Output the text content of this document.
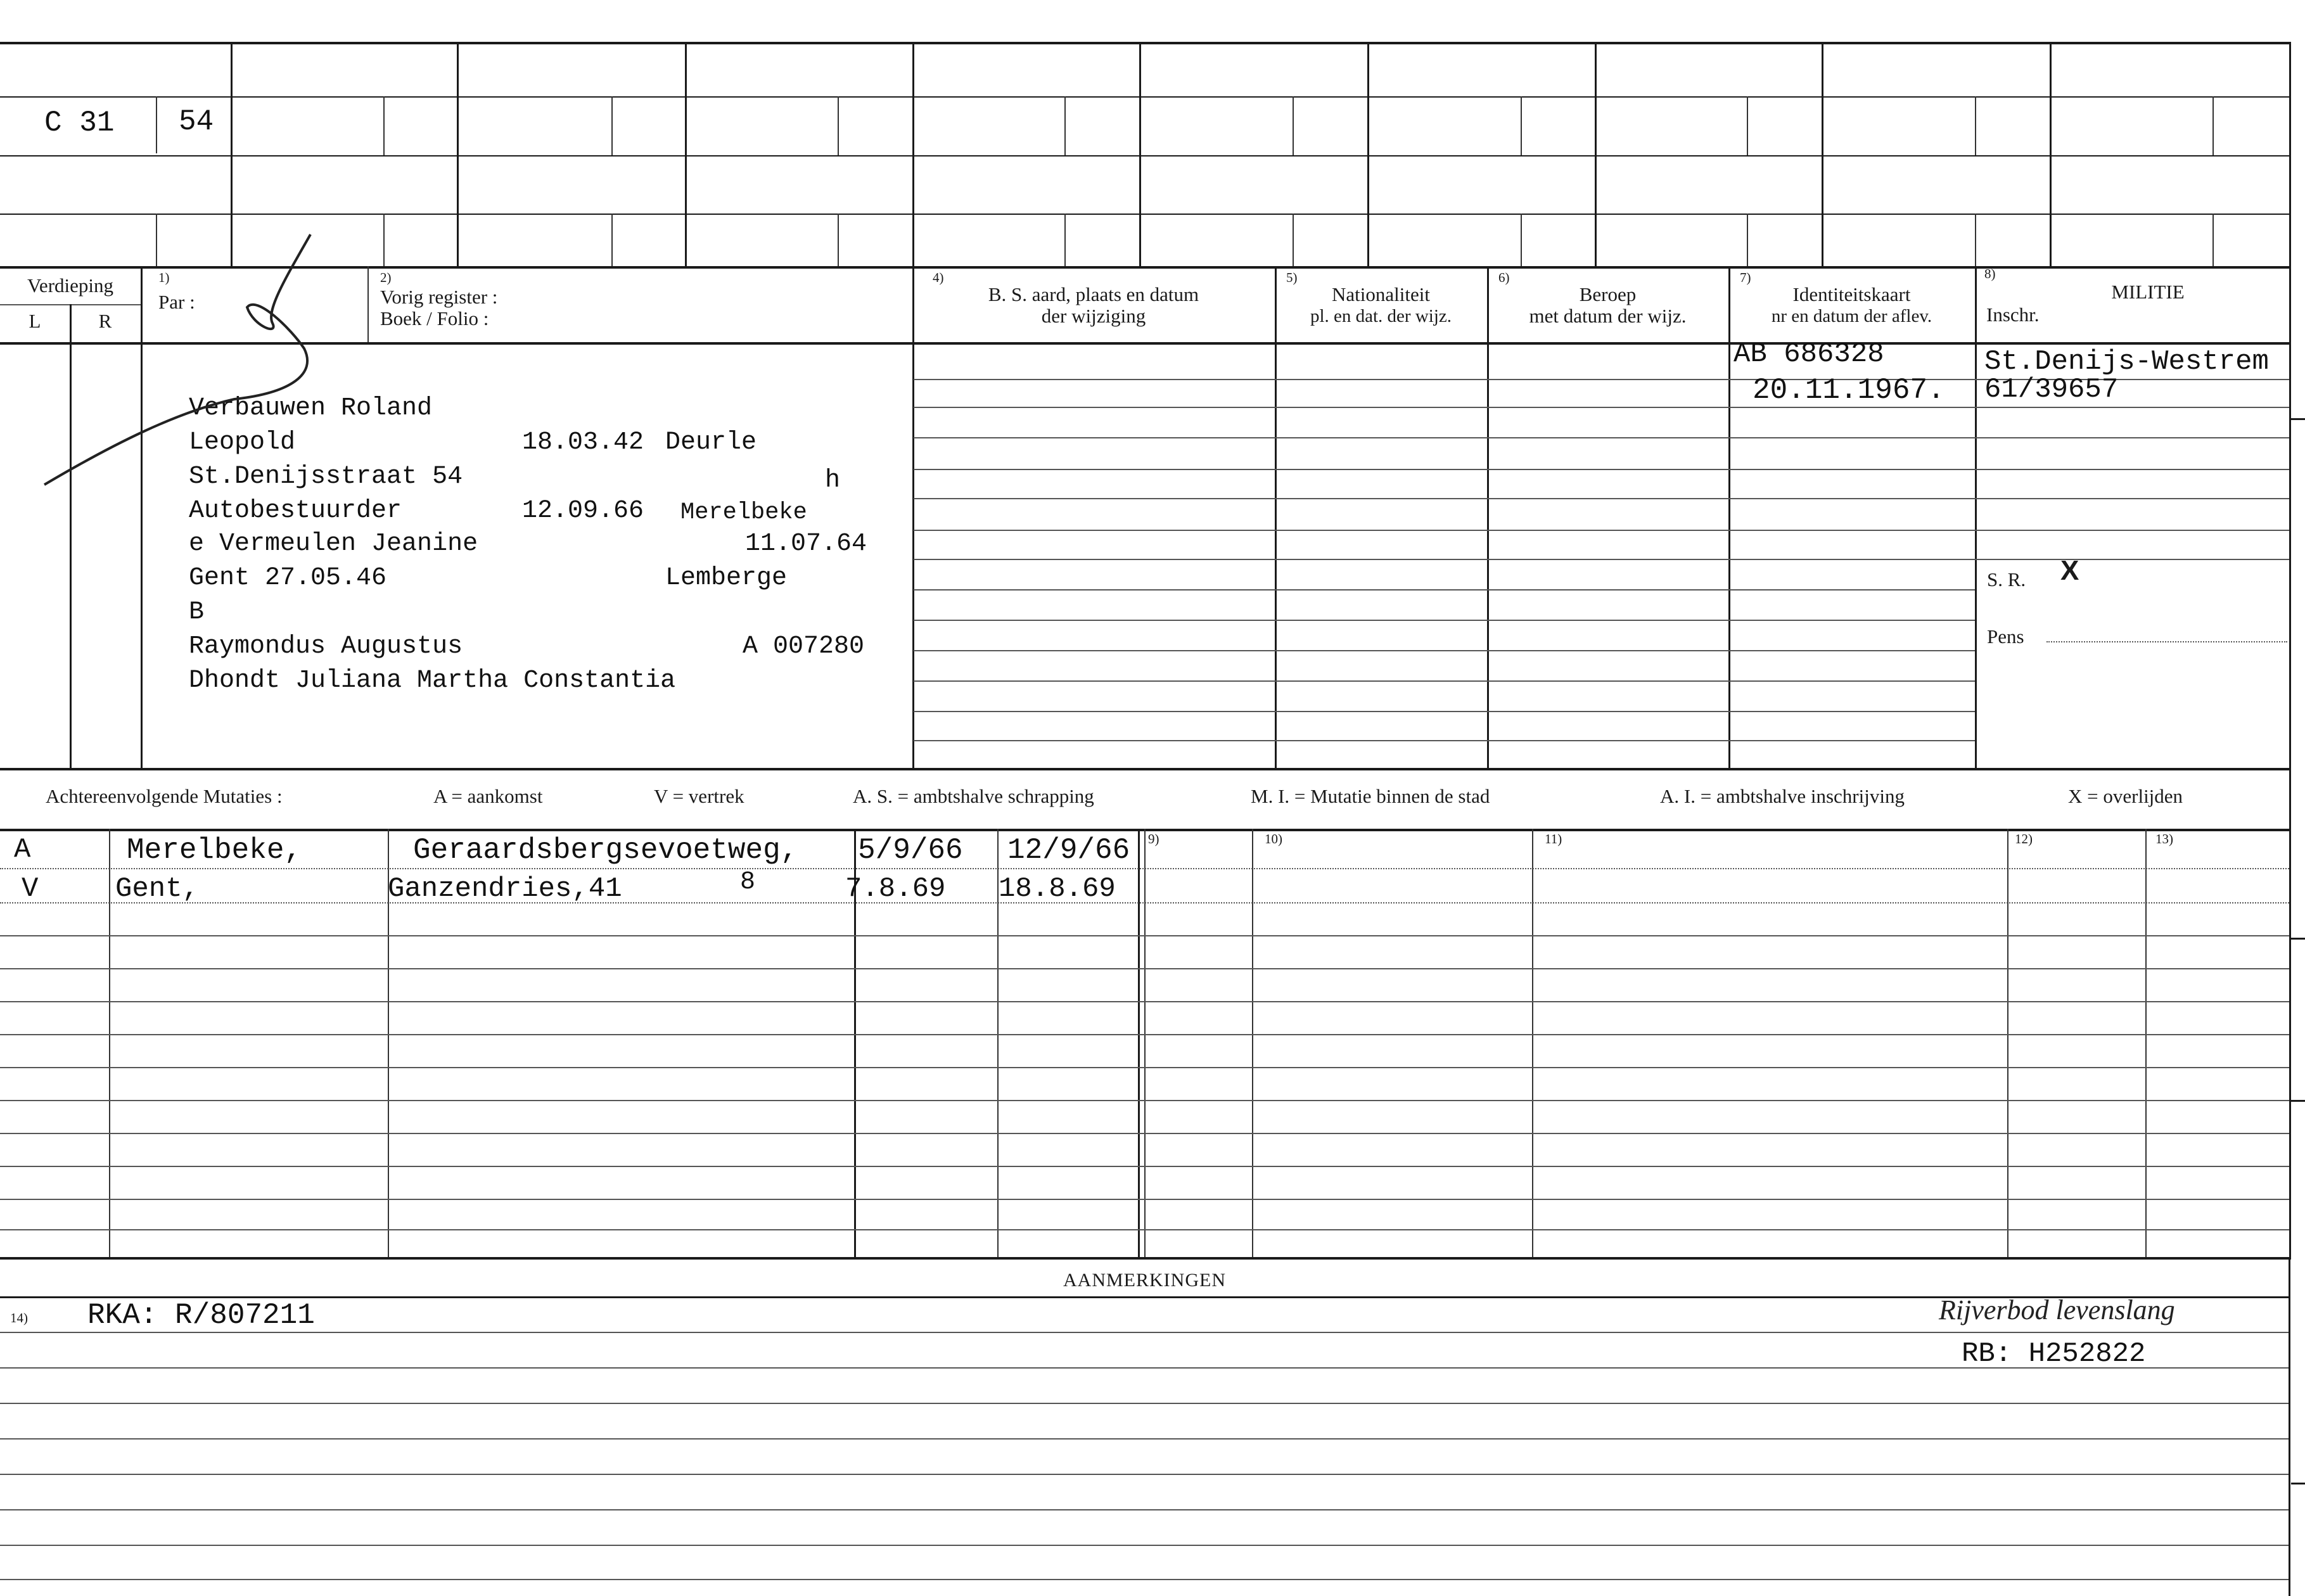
C 31 54
Verdieping
L	R
1)
Par :
2)
Vorig register :
Boek / Folio :
4)
B. S. aard, plaats en datum
der wijziging
5)
Nationaliteit
pl. en dat. der wijz.
6)
Beroep
met datum der wijz.
7)
Identiteitskaart
nr en datum der aflev.
8)
MILITIE
Inschr.
Verbauwen Roland
Leopold	18.03.42 Deurle
St.Denijsstraat 54	h
Autobestuurder	12.09.66 Merelbeke
e Vermeulen Jeanine	11.07.64
Gent 27.05.46	Lemberge
B
Raymondus Augustus	A 007280
Dhondt Juliana Martha Constantia
AB 686328
20.11.1967.
St.Denijs-Westrem
61/39657
S. R. X
Pens
Achtereenvolgende Mutaties :	A = aankomst	V = vertrek	A. S. = ambtshalve schrapping	M. I. = Mutatie binnen de stad	A. I. = ambtshalve inschrijving	X = overlijden
9)	10)	11)	12)	13)
A	Merelbeke,	Geraardsbergsevoetweg, 5/9/66 12/9/66
V	Gent,	Ganzendries,41	8	7.8.69 18.8.69
AANMERKINGEN
14) RKA: R/807211	Rijverbod levenslang
RB: H252822
